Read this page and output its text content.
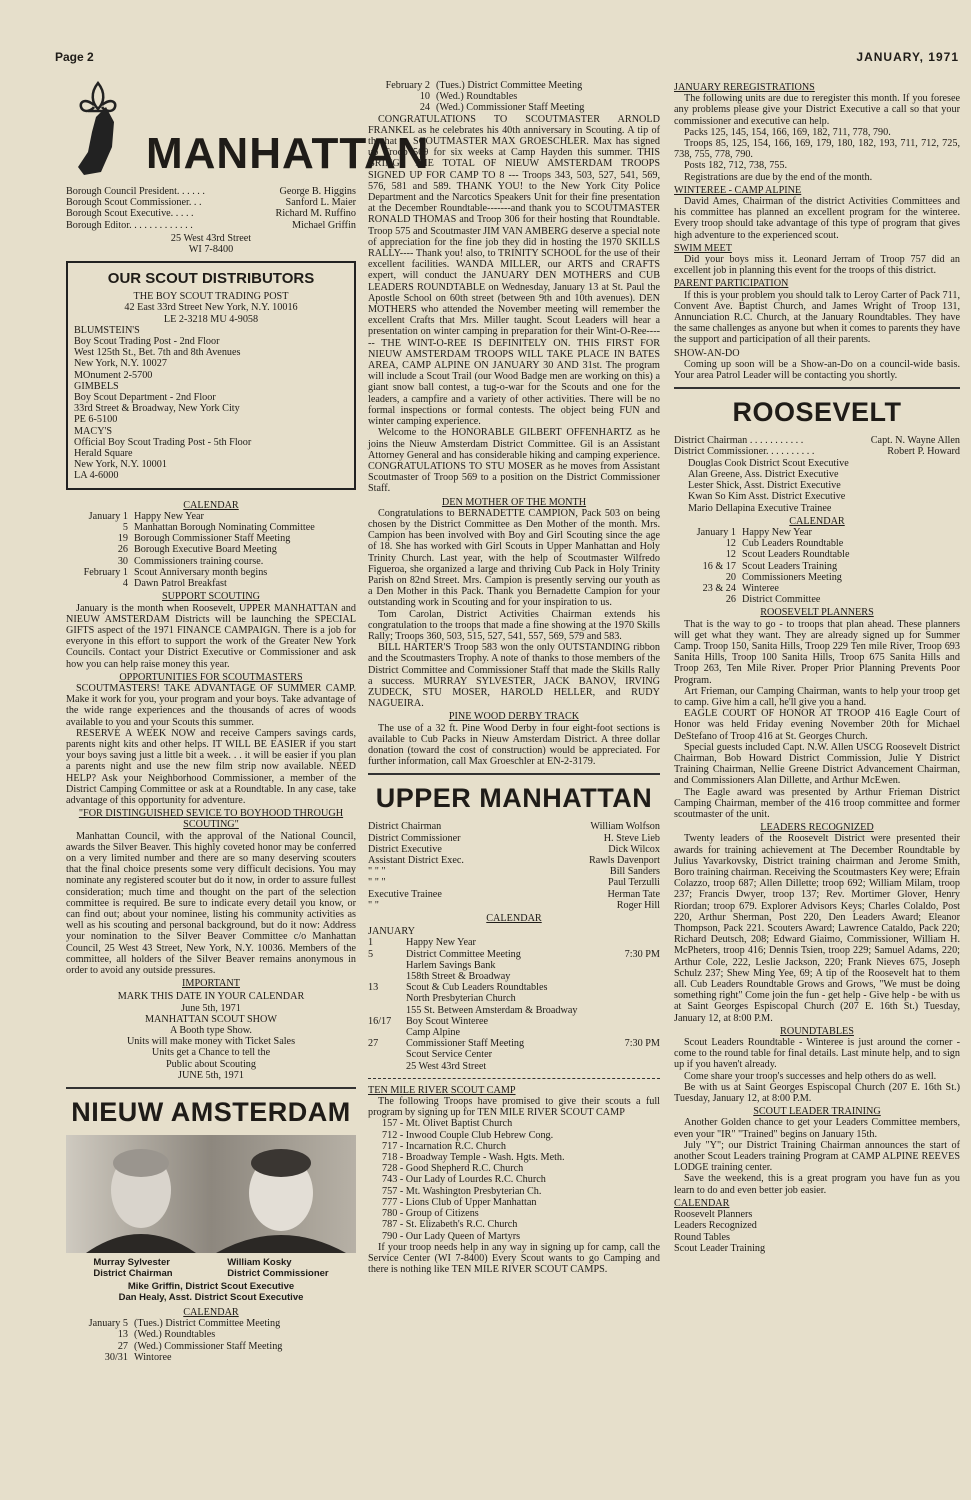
Page 2	JANUARY, 1971
MANHATTAN
Borough Council President. . . . . .	George B. Higgins
Borough Scout Commissioner. . .	Sanford L. Maier
Borough Scout Executive. . . . .	Richard M. Ruffino
Borough Editor. . . . . . . . . . . . .	Michael Griffin
25 West 43rd Street
WI 7-8400
OUR SCOUT DISTRIBUTORS
THE BOY SCOUT TRADING POST
42 East 33rd Street New York, N.Y. 10016
LE 2-3218 MU 4-9058
BLUMSTEIN'S
Boy Scout Trading Post - 2nd Floor
West 125th St., Bet. 7th and 8th Avenues
New York, N.Y. 10027
MOnument 2-5700
GIMBELS
Boy Scout Department - 2nd Floor
33rd Street & Broadway, New York City
PE 6-5100
MACY'S
Official Boy Scout Trading Post - 5th Floor
Herald Square
New York, N.Y. 10001
LA 4-6000
CALENDAR
January 1 Happy New Year
5 Manhattan Borough Nominating Committee
19 Borough Commissioner Staff Meeting
26 Borough Executive Board Meeting
30 Commissioners training course.
February 1 Scout Anniversary month begins
4 Dawn Patrol Breakfast
SUPPORT SCOUTING
January is the month when Roosevelt, UPPER MANHATTAN and NIEUW AMSTERDAM Districts will be launching the SPECIAL GIFTS aspect of the 1971 FINANCE CAMPAIGN. There is a job for everyone in this effort to support the work of the Greater New York Councils. Contact your District Executive or Commissioner and ask how you can help raise money this year.
OPPORTUNITIES FOR SCOUTMASTERS
SCOUTMASTERS! TAKE ADVANTAGE OF SUMMER CAMP. Make it work for you, your program and your boys. Take advantage of the wide range experiences and the thousands of acres of woods available to you and your Scouts this summer.
RESERVE A WEEK NOW and receive Campers savings cards, parents night kits and other helps. IT WILL BE EASIER if you start your boys saving just a little bit a week. . . it will be easier if you plan a parents night and use the new film strip now available. NEED HELP? Ask your Neighborhood Commissioner, a member of the District Camping Committee or ask at a Roundtable. In any case, take advantage of this opportunity for adventure.
"FOR DISTINGUISHED SEVICE TO BOYHOOD THROUGH SCOUTING"
Manhattan Council, with the approval of the National Council, awards the Silver Beaver. This highly coveted honor may be conferred on a very limited number and there are so many deserving scouters that the final choice presents some very difficult decisions. You may nominate any registered scouter but do it now, in order to assure fullest consideration; much time and thought on the part of the selection committee is required. Be sure to indicate every detail you know, or can find out; about your nominee, listing his community activities as well as his scouting and personal background, but do it now: Address your nomination to the Silver Beaver Committee c/o Manhattan Council, 25 West 43 Street, New York, N.Y. 10036. Members of the committee, all holders of the Silver Beaver remains anonymous in order to avoid any outside pressures.
IMPORTANT
MARK THIS DATE IN YOUR CALENDAR
June 5th, 1971
MANHATTAN SCOUT SHOW
A Booth type Show.
Units will make money with Ticket Sales
Units get a Chance to tell the
Public about Scouting
JUNE 5th, 1971
NIEUW AMSTERDAM
Murray Sylvester
District Chairman
William Kosky
District Commissioner
Mike Griffin, District Scout Executive
Dan Healy, Asst. District Scout Executive
CALENDAR
January 5 (Tues.) District Committee Meeting
13 (Wed.) Roundtables
27 (Wed.) Commissioner Staff Meeting
30/31 Wintoree
February 2 (Tues.) District Committee Meeting
10 (Wed.) Roundtables
24 (Wed.) Commissioner Staff Meeting
CONGRATULATIONS TO SCOUTMASTER ARNOLD FRANKEL as he celebrates his 40th anniversary in Scouting. A tip of the hat to SCOUTMASTER MAX GROESCHLER. Max has signed up Troop 569 for six weeks at Camp Hayden this summer. THIS BRINGS THE TOTAL OF NIEUW AMSTERDAM TROOPS SIGNED UP FOR CAMP TO 8 --- Troops 343, 503, 527, 541, 569, 576, 581 and 589. THANK YOU! to the New York City Police Department and the Narcotics Speakers Unit for their fine presentation at the December Roundtable-------and thank you to SCOUTMASTER RONALD THOMAS and Troop 306 for their hosting that Roundtable. Troop 575 and Scoutmaster JIM VAN AMBERG deserve a special note of appreciation for the fine job they did in hosting the 1970 SKILLS RALLY---- Thank you! also, to TRINITY SCHOOL for the use of their excellent facilities. WANDA MILLER, our ARTS and CRAFTS expert, will conduct the JANUARY DEN MOTHERS and CUB LEADERS ROUNDTABLE on Wednesday, January 13 at St. Paul the Apostle School on 60th street (between 9th and 10th avenues). DEN MOTHERS who attended the November meeting will remember the excellent Crafts that Mrs. Miller taught. Scout Leaders will hear a presentation on winter camping in preparation for their Wint-O-Ree------ THE WINT-O-REE IS DEFINITELY ON. THIS FIRST FOR NIEUW AMSTERDAM TROOPS WILL TAKE PLACE IN BATES AREA, CAMP ALPINE ON JANUARY 30 AND 31st. The program will include a Scout Trail (our Wood Badge men are working on this) a giant snow ball contest, a tug-o-war for the Scouts and one for the leaders, a campfire and a variety of other activities. There will be no formal inspections or formal contests. The object being FUN and winter camping experience.
Welcome to the HONORABLE GILBERT OFFENHARTZ as he joins the Nieuw Amsterdam District Committee. Gil is an Assistant Attorney General and has considerable hiking and camping experience. CONGRATULATIONS TO STU MOSER as he moves from Assistant Scoutmaster of Troop 569 to a position on the District Commissioner Staff.
DEN MOTHER OF THE MONTH
Congratulations to BERNADETTE CAMPION, Pack 503 on being chosen by the District Committee as Den Mother of the month. Mrs. Campion has been involved with Boy and Girl Scouting since the age of 18. She has worked with Girl Scouts in Upper Manhattan and Holy Trinity Church. Last year, with the help of Scoutmaster Wilfredo Figueroa, she organized a large and thriving Cub Pack in Holy Trinity Parish on 82nd Street. Mrs. Campion is presently serving our youth as a Den Mother in this Pack. Thank you Bernadette Campion for your outstanding work in Scouting and for your inspiration to us.
Tom Carolan, District Activities Chairman extends his congratulation to the troops that made a fine showing at the 1970 Skills Rally; Troops 360, 503, 515, 527, 541, 557, 569, 579 and 583.
BILL HARTER'S Troop 583 won the only OUTSTANDING ribbon and the Scoutmasters Trophy. A note of thanks to those members of the District Committee and Commissioner Staff that made the Skills Rally a success. MURRAY SYLVESTER, JACK BANOV, IRVING ZUDECK, STU MOSER, HAROLD HELLER, and RUDY NAGUEIRA.
PINE WOOD DERBY TRACK
The use of a 32 ft. Pine Wood Derby in four eight-foot sections is available to Cub Packs in Nieuw Amsterdam District. A three dollar donation (toward the cost of construction) would be appreciated. For further information, call Max Groeschler at EN-2-3179.
UPPER MANHATTAN
District Chairman	William Wolfson
District Commissioner	H. Steve Lieb
District Executive	Dick Wilcox
Assistant District Exec.	Rawls Davenport
" " "	Bill Sanders
" " "	Paul Terzulli
Executive Trainee	Herman Tate
" "	Roger Hill
CALENDAR
JANUARY
1	Happy New Year
5	District Committee Meeting
Harlem Savings Bank
158th Street & Broadway
7:30 PM
13	Scout & Cub Leaders Roundtables
North Presbyterian Church
155 St. Between Amsterdam & Broadway
16/17	Boy Scout Winteree
Camp Alpine
27	Commissioner Staff Meeting
Scout Service Center
25 West 43rd Street
7:30 PM
TEN MILE RIVER SCOUT CAMP
The following Troops have promised to give their scouts a full program by signing up for TEN MILE RIVER SCOUT CAMP
157 - Mt. Olivet Baptist Church
712 - Inwood Couple Club Hebrew Cong.
717 - Incarnation R.C. Church
718 - Broadway Temple - Wash. Hgts. Meth.
728 - Good Shepherd R.C. Church
743 - Our Lady of Lourdes R.C. Church
757 - Mt. Washington Presbyterian Ch.
777 - Lions Club of Upper Manhattan
780 - Group of Citizens
787 - St. Elizabeth's R.C. Church
790 - Our Lady Queen of Martyrs
If your troop needs help in any way in signing up for camp, call the Service Center (WI 7-8400) Every Scout wants to go Camping and there is nothing like TEN MILE RIVER SCOUT CAMPS.
JANUARY REREGISTRATIONS
The following units are due to reregister this month. If you foresee any problems please give your District Executive a call so that your commissioner and executive can help.
Packs 125, 145, 154, 166, 169, 182, 711, 778, 790.
Troops 85, 125, 154, 166, 169, 179, 180, 182, 193, 711, 712, 725, 738, 755, 778, 790.
Posts 182, 712, 738, 755.
Registrations are due by the end of the month.
WINTEREE - CAMP ALPINE
David Ames, Chairman of the district Activities Committees and his committee has planned an excellent program for the winteree. Every troop should take advantage of this type of program that gives high adventure to the experienced scout.
SWIM MEET
Did your boys miss it. Leonard Jerram of Troop 757 did an excellent job in planning this event for the troops of this district.
PARENT PARTICIPATION
If this is your problem you should talk to Leroy Carter of Pack 711, Convent Ave. Baptist Church, and James Wright of Troop 131, Annunciation R.C. Church, at the January Roundtables. They have the same challenges as anyone but when it comes to parents they have the support and participation of all their parents.
SHOW-AN-DO
Coming up soon will be a Show-an-Do on a council-wide basis. Your area Patrol Leader will be contacting you shortly.
ROOSEVELT
District Chairman . . . . . . . . . . .	Capt. N. Wayne Allen
District Commissioner. . . . . . . . . .	Robert P. Howard
Douglas Cook District Scout Executive
Alan Greene, Ass. District Executive
Lester Shick, Asst. District Executive
Kwan So Kim Asst. District Executive
Mario Dellapina Executive Trainee
CALENDAR
January 1 Happy New Year
12 Cub Leaders Roundtable
12 Scout Leaders Roundtable
16 & 17 Scout Leaders Training
20 Commissioners Meeting
23 & 24 Winteree
26 District Committee
ROOSEVELT PLANNERS
That is the way to go - to troops that plan ahead. These planners will get what they want. They are already signed up for Summer Camp. Troop 150, Sanita Hills, Troop 229 Ten mile River, Troop 693 Sanita Hills, Troop 100 Sanita Hills, Troop 675 Sanita Hills and Troop 263, Ten Mile River. Proper Prior Planning Prevents Poor Program.
Art Frieman, our Camping Chairman, wants to help your troop get to camp. Give him a call, he'll give you a hand.
EAGLE COURT OF HONOR AT TROOP 416 Eagle Court of Honor was held Friday evening November 20th for Michael DeStefano of Troop 416 at St. Georges Church.
Special guests included Capt. N.W. Allen USCG Roosevelt District Chairman, Bob Howard District Commission, Julie Y District Training Chairman, Nellie Greene District Advancement Chairman, and Commissioners Alan Dillette, and Arthur McEwen.
The Eagle award was presented by Arthur Frieman District Camping Chairman, member of the 416 troop committee and former scoutmaster of the unit.
LEADERS RECOGNIZED
Twenty leaders of the Roosevelt District were presented their awards for training achievement at The December Roundtable by Julius Yavarkovsky, District training chairman and Jerome Smith, Boro training chairman. Receiving the Scoutmasters Key were; Efrain Colazzo, troop 687; Allen Dillette; troop 692; William Milam, troop 237; Francis Dwyer, troop 137; Rev. Mortimer Glover, Henry Riordan; troop 679. Explorer Advisors Keys; Charles Colaldo, Post 220, Arthur Sherman, Post 220, Den Leaders Award; Eleanor Thompson, Pack 221. Scouters Award; Lawrence Cataldo, Pack 220; Richard Deutsch, 208; Edward Giaimo, Commissioner, William H. McPheters, troop 416; Dennis Tsien, troop 229; Samuel Adams, 220; Arthur Cole, 222, Leslie Jackson, 220; Frank Nieves 675, Joseph Schulz 237; Shew Ming Yee, 69; A tip of the Roosevelt hat to them all. Cub Leaders Roundtable Grows and Grows, "We must be doing something right" Come join the fun - get help - Give help - be with us at Saint Georges Espiscopal Church (207 E. 16th St.) Tuesday, January 12, at 8:00 P.M.
ROUNDTABLES
Scout Leaders Roundtable - Winteree is just around the corner - come to the round table for final details. Last minute help, and to sign up if you haven't already.
Come share your troop's successes and help others do as well.
Be with us at Saint Georges Espiscopal Church (207 E. 16th St.) Tuesday, January 12, at 8:00 P.M.
SCOUT LEADER TRAINING
Another Golden chance to get your Leaders Committee members, even your "IR" "Trained" begins on January 15th.
July "Y"; our District Training Chairman announces the start of another Scout Leaders training Program at CAMP ALPINE REEVES LODGE training center.
Save the weekend, this is a great program you have fun as you learn to do and even better job easier.
CALENDAR
Roosevelt Planners
Leaders Recognized
Round Tables
Scout Leader Training
